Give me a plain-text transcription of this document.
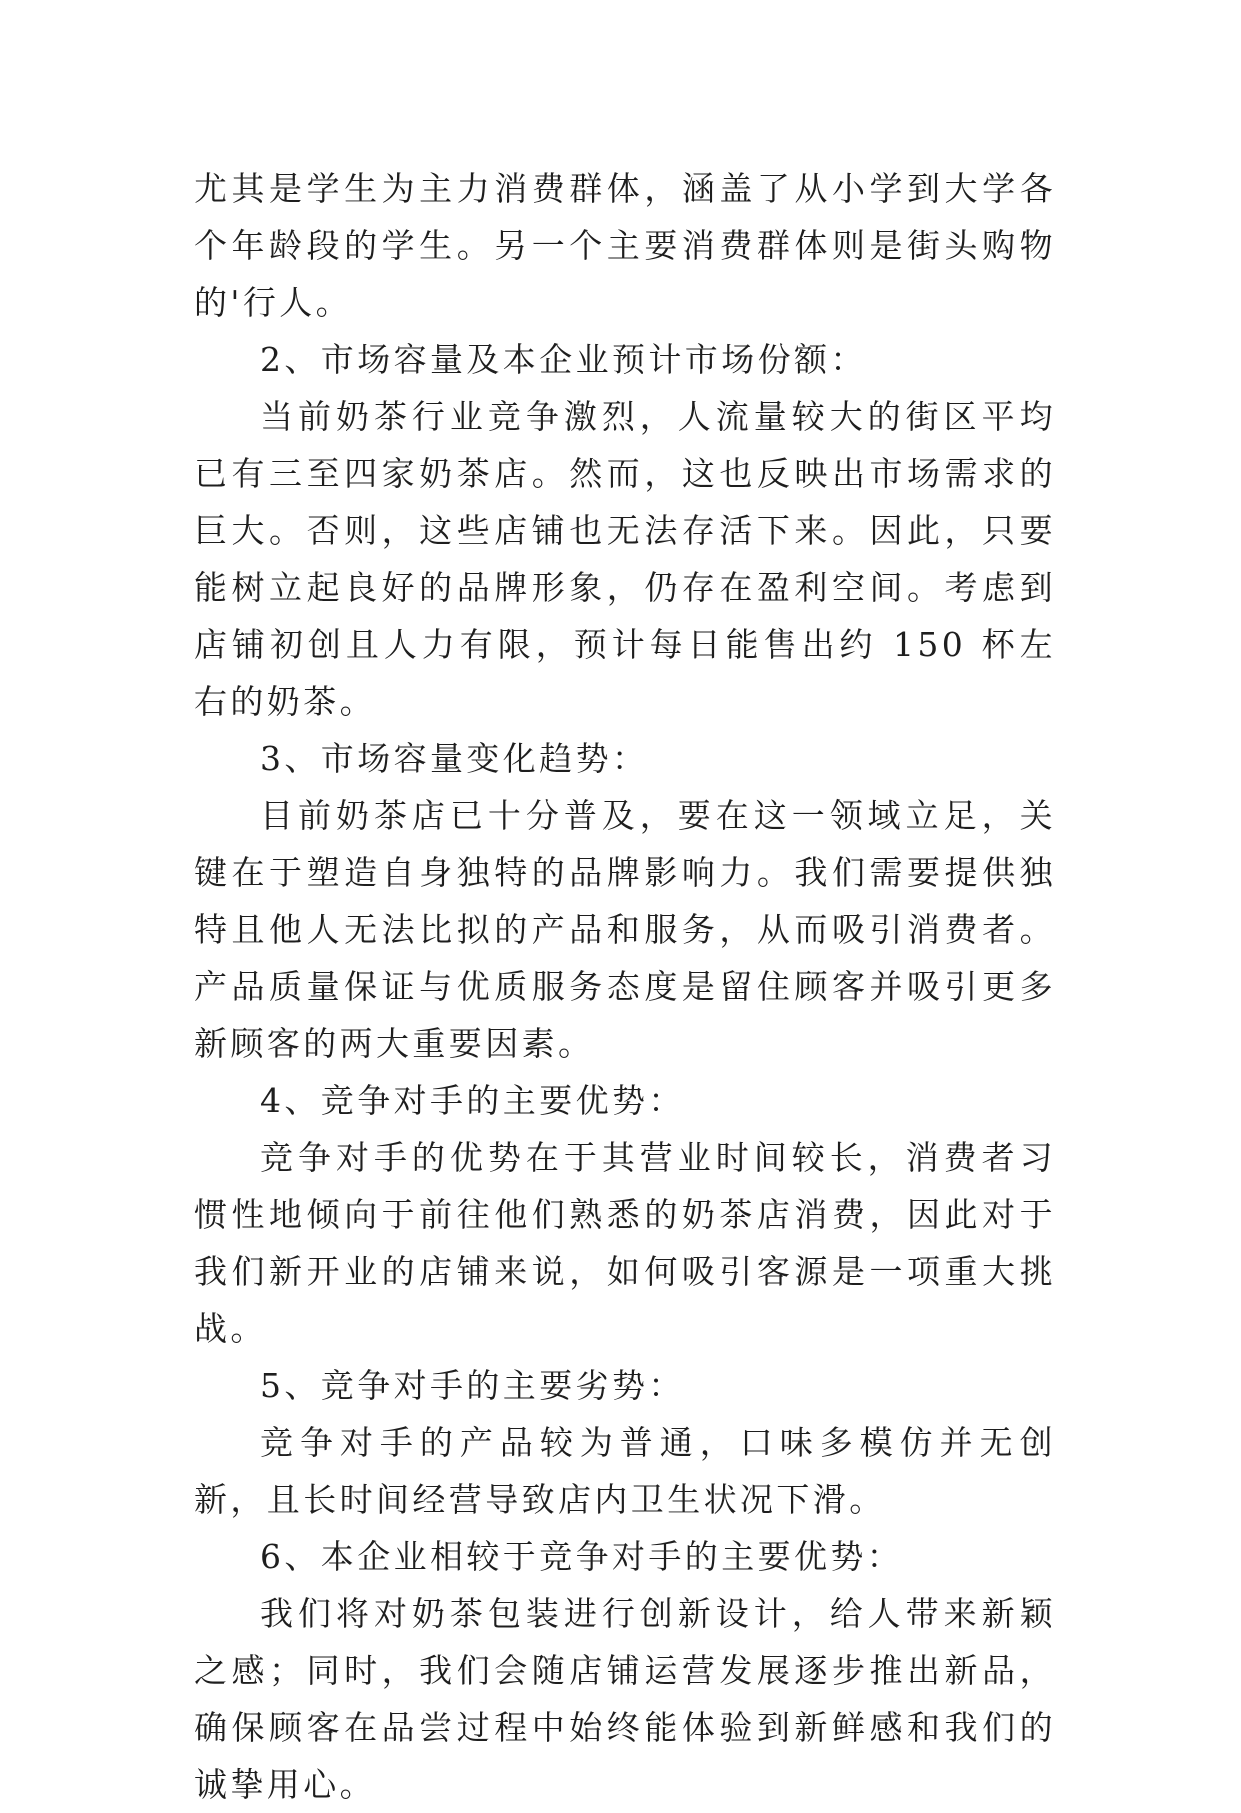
尤其是学生为主力消费群体，涵盖了从小学到大学各个年龄段的学生。另一个主要消费群体则是街头购物的'行人。

2、市场容量及本企业预计市场份额：

当前奶茶行业竞争激烈，人流量较大的街区平均已有三至四家奶茶店。然而，这也反映出市场需求的巨大。否则，这些店铺也无法存活下来。因此，只要能树立起良好的品牌形象，仍存在盈利空间。考虑到店铺初创且人力有限，预计每日能售出约 150 杯左右的奶茶。

3、市场容量变化趋势：

目前奶茶店已十分普及，要在这一领域立足，关键在于塑造自身独特的品牌影响力。我们需要提供独特且他人无法比拟的产品和服务，从而吸引消费者。产品质量保证与优质服务态度是留住顾客并吸引更多新顾客的两大重要因素。

4、竞争对手的主要优势：

竞争对手的优势在于其营业时间较长，消费者习惯性地倾向于前往他们熟悉的奶茶店消费，因此对于我们新开业的店铺来说，如何吸引客源是一项重大挑战。

5、竞争对手的主要劣势：

竞争对手的产品较为普通，口味多模仿并无创新，且长时间经营导致店内卫生状况下滑。

6、本企业相较于竞争对手的主要优势：

我们将对奶茶包装进行创新设计，给人带来新颖之感；同时，我们会随店铺运营发展逐步推出新品，确保顾客在品尝过程中始终能体验到新鲜感和我们的诚挚用心。
